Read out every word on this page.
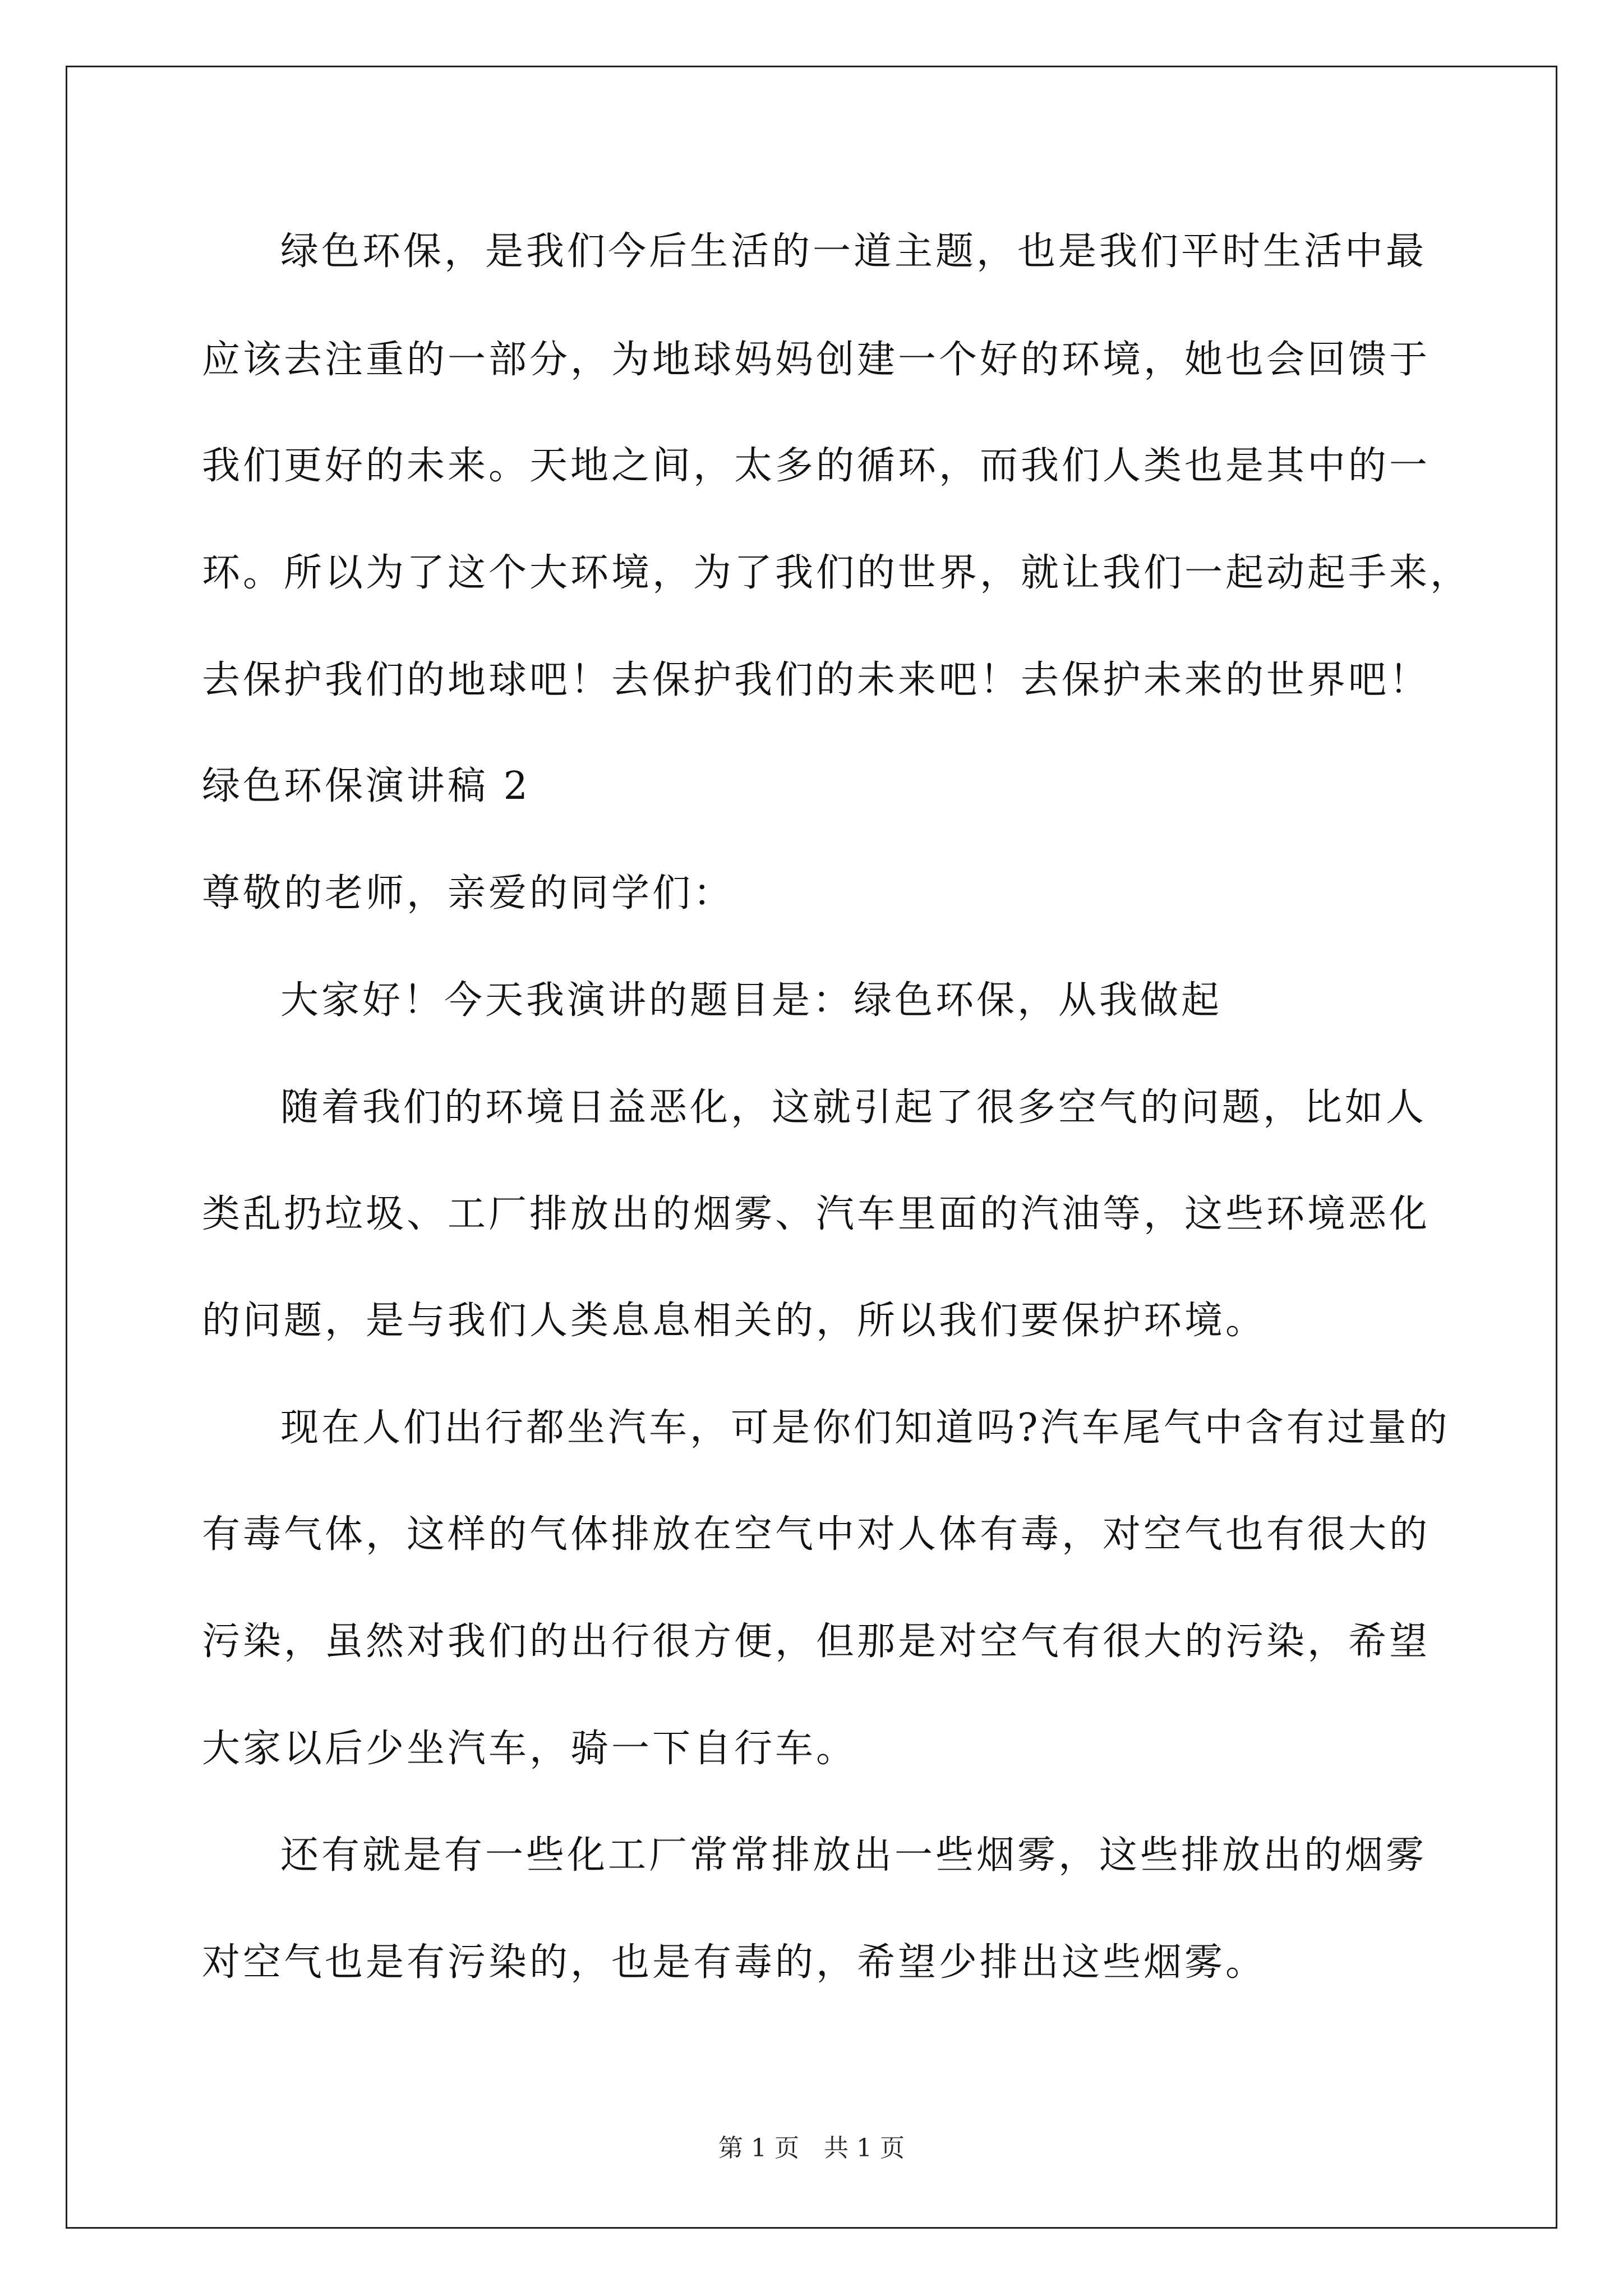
绿色环保，是我们今后生活的一道主题，也是我们平时生活中最
应该去注重的一部分，为地球妈妈创建一个好的环境，她也会回馈于
我们更好的未来。天地之间，太多的循环，而我们人类也是其中的一
环。所以为了这个大环境，为了我们的世界，就让我们一起动起手来，
去保护我们的地球吧！去保护我们的未来吧！去保护未来的世界吧！
绿色环保演讲稿 2
尊敬的老师，亲爱的同学们：
大家好！今天我演讲的题目是：绿色环保，从我做起
随着我们的环境日益恶化，这就引起了很多空气的问题，比如人
类乱扔垃圾、工厂排放出的烟雾、汽车里面的汽油等，这些环境恶化
的问题，是与我们人类息息相关的，所以我们要保护环境。
现在人们出行都坐汽车，可是你们知道吗?汽车尾气中含有过量的
有毒气体，这样的气体排放在空气中对人体有毒，对空气也有很大的
污染，虽然对我们的出行很方便，但那是对空气有很大的污染，希望
大家以后少坐汽车，骑一下自行车。
还有就是有一些化工厂常常排放出一些烟雾，这些排放出的烟雾
对空气也是有污染的，也是有毒的，希望少排出这些烟雾。
第 1 页　共 1 页
